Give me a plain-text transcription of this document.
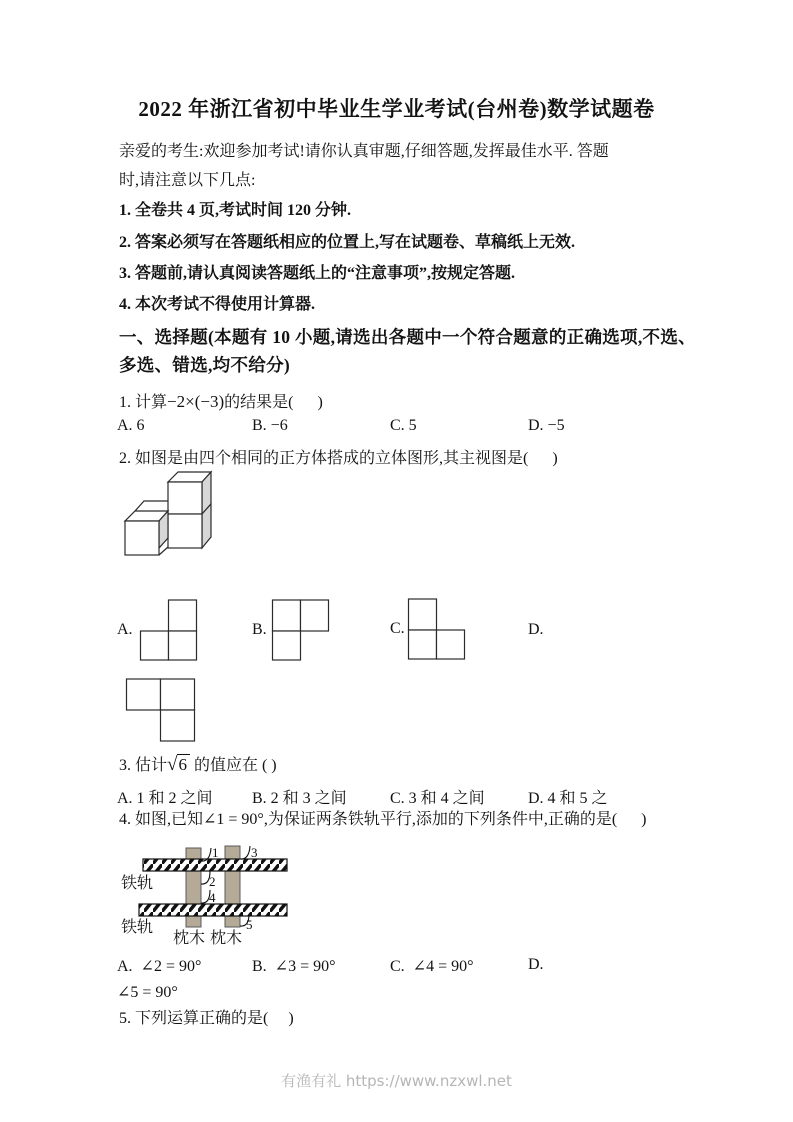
2022 年浙江省初中毕业生学业考试(台州卷)数学试题卷
亲爱的考生:欢迎参加考试!请你认真审题,仔细答题,发挥最佳水平. 答题
时,请注意以下几点:
1. 全卷共 4 页,考试时间 120 分钟.
2. 答案必须写在答题纸相应的位置上,写在试题卷、草稿纸上无效.
3. 答题前,请认真阅读答题纸上的“注意事项”,按规定答题.
4. 本次考试不得使用计算器.
一、选择题(本题有 10 小题,请选出各题中一个符合题意的正确选项,不选、
多选、错选,均不给分)
1. 计算−2×(−3)的结果是(      )
A. 6	B. −6	C. 5	D. −5
2. 如图是由四个相同的正方体搭成的立体图形,其主视图是(      )
A.	B.	C.	D.
3. 估计√6 的值应在 ( )
A. 1 和 2 之间 B. 2 和 3 之间	C. 3 和 4 之间	D. 4 和 5 之
4. 如图,已知∠1 = 90°,为保证两条铁轨平行,添加的下列条件中,正确的是(      )
1	3
2
4
5
铁轨
铁轨
枕木 枕木
A.  ∠2 = 90°	B.  ∠3 = 90°	C.  ∠4 = 90°	D.
∠5 = 90°
5. 下列运算正确的是(     )
有渔有礼 https://www.nzxwl.net
